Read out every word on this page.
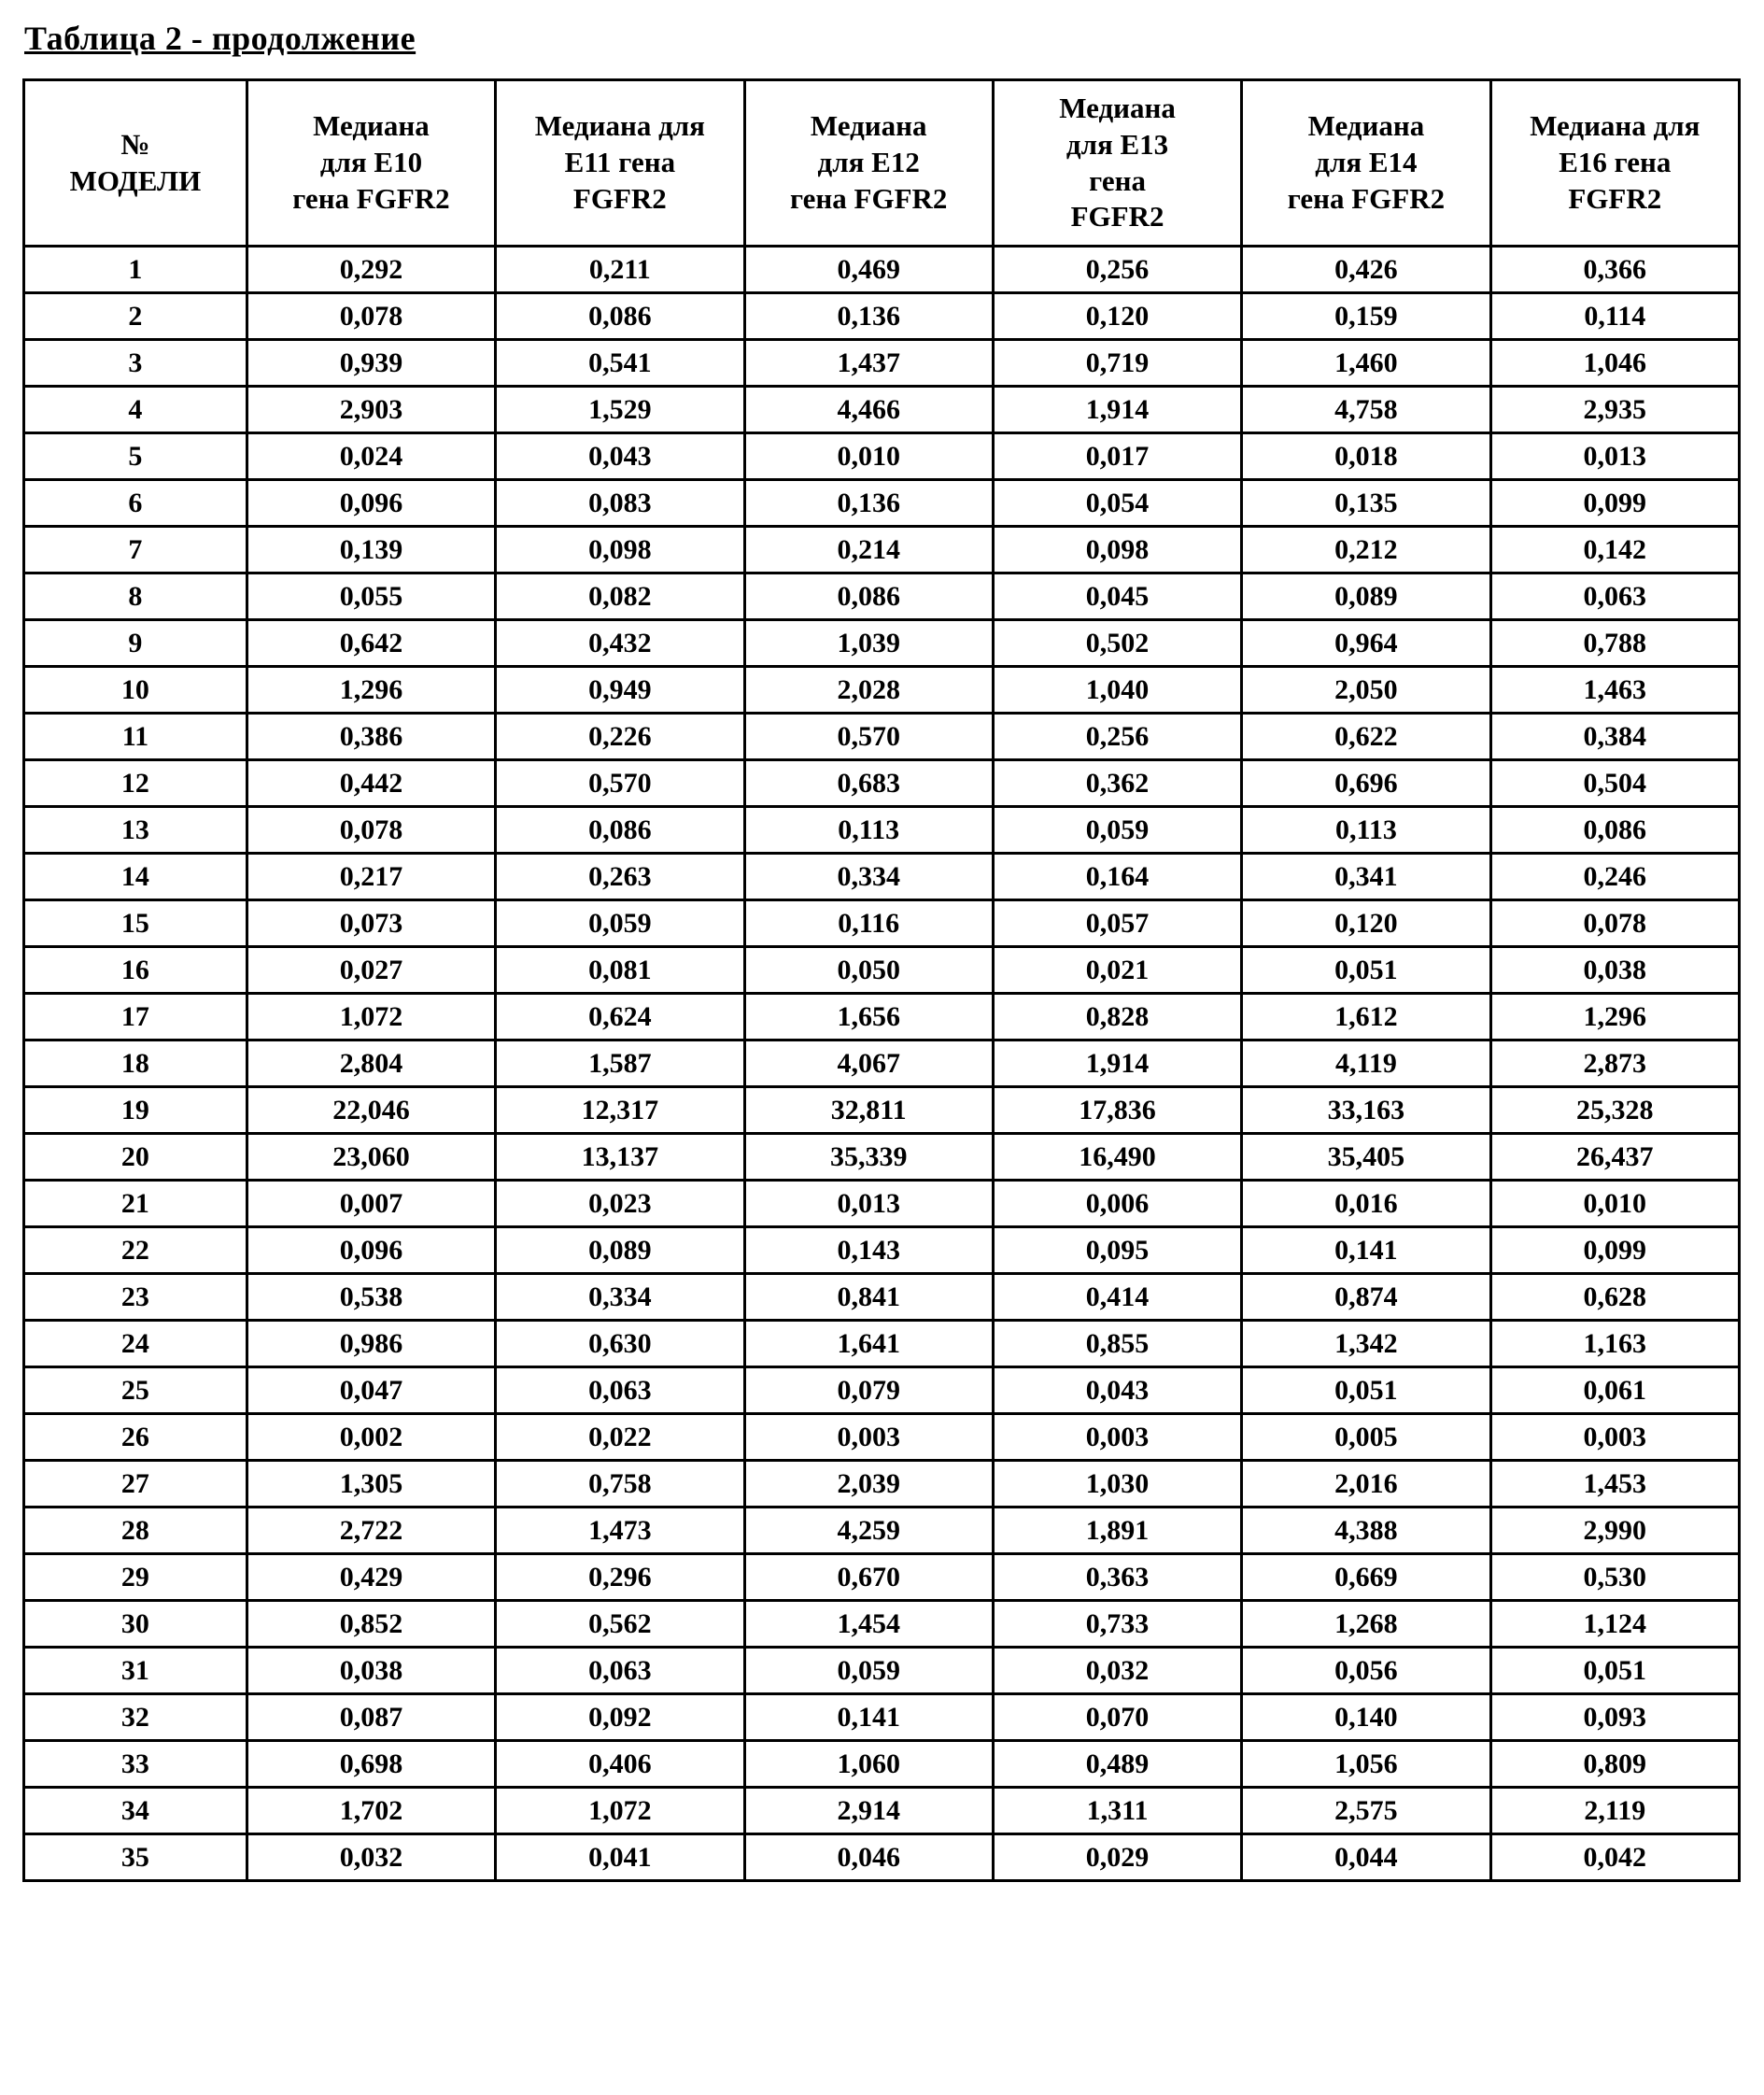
Таблица 2 - продолжение
№
МОДЕЛИ	Медиана
для E10
гена FGFR2	Медиана для
E11 гена
FGFR2	Медиана
для E12
гена FGFR2	Медиана
для E13
гена
FGFR2	Медиана
для E14
гена FGFR2	Медиана для
E16 гена
FGFR2
1	0,292	0,211	0,469	0,256	0,426	0,366
2	0,078	0,086	0,136	0,120	0,159	0,114
3	0,939	0,541	1,437	0,719	1,460	1,046
4	2,903	1,529	4,466	1,914	4,758	2,935
5	0,024	0,043	0,010	0,017	0,018	0,013
6	0,096	0,083	0,136	0,054	0,135	0,099
7	0,139	0,098	0,214	0,098	0,212	0,142
8	0,055	0,082	0,086	0,045	0,089	0,063
9	0,642	0,432	1,039	0,502	0,964	0,788
10	1,296	0,949	2,028	1,040	2,050	1,463
11	0,386	0,226	0,570	0,256	0,622	0,384
12	0,442	0,570	0,683	0,362	0,696	0,504
13	0,078	0,086	0,113	0,059	0,113	0,086
14	0,217	0,263	0,334	0,164	0,341	0,246
15	0,073	0,059	0,116	0,057	0,120	0,078
16	0,027	0,081	0,050	0,021	0,051	0,038
17	1,072	0,624	1,656	0,828	1,612	1,296
18	2,804	1,587	4,067	1,914	4,119	2,873
19	22,046	12,317	32,811	17,836	33,163	25,328
20	23,060	13,137	35,339	16,490	35,405	26,437
21	0,007	0,023	0,013	0,006	0,016	0,010
22	0,096	0,089	0,143	0,095	0,141	0,099
23	0,538	0,334	0,841	0,414	0,874	0,628
24	0,986	0,630	1,641	0,855	1,342	1,163
25	0,047	0,063	0,079	0,043	0,051	0,061
26	0,002	0,022	0,003	0,003	0,005	0,003
27	1,305	0,758	2,039	1,030	2,016	1,453
28	2,722	1,473	4,259	1,891	4,388	2,990
29	0,429	0,296	0,670	0,363	0,669	0,530
30	0,852	0,562	1,454	0,733	1,268	1,124
31	0,038	0,063	0,059	0,032	0,056	0,051
32	0,087	0,092	0,141	0,070	0,140	0,093
33	0,698	0,406	1,060	0,489	1,056	0,809
34	1,702	1,072	2,914	1,311	2,575	2,119
35	0,032	0,041	0,046	0,029	0,044	0,042
